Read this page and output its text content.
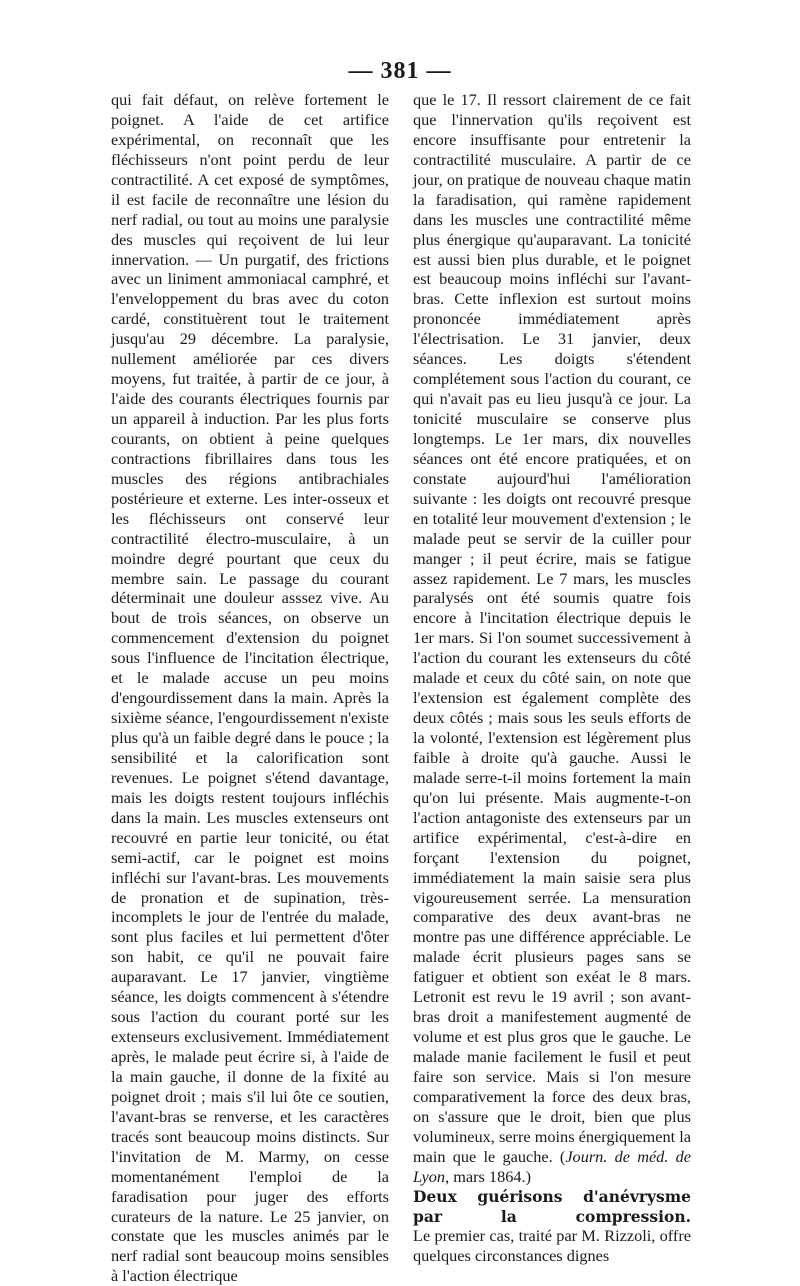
— 381 —

qui fait défaut, on relève fortement le poignet. A l'aide de cet artifice expérimental, on reconnaît que les fléchisseurs n'ont point perdu de leur contractilité. A cet exposé de symptômes, il est facile de reconnaître une lésion du nerf radial, ou tout au moins une paralysie des muscles qui reçoivent de lui leur innervation. — Un purgatif, des frictions avec un liniment ammoniacal camphré, et l'enveloppement du bras avec du coton cardé, constituèrent tout le traitement jusqu'au 29 décembre. La paralysie, nullement améliorée par ces divers moyens, fut traitée, à partir de ce jour, à l'aide des courants électriques fournis par un appareil à induction. Par les plus forts courants, on obtient à peine quelques contractions fibrillaires dans tous les muscles des régions antibrachiales postérieure et externe. Les inter-osseux et les fléchisseurs ont conservé leur contractilité électro-musculaire, à un moindre degré pourtant que ceux du membre sain. Le passage du courant déterminait une douleur asssez vive. Au bout de trois séances, on observe un commencement d'extension du poignet sous l'influence de l'incitation électrique, et le malade accuse un peu moins d'engourdissement dans la main. Après la sixième séance, l'engourdissement n'existe plus qu'à un faible degré dans le pouce ; la sensibilité et la calorification sont revenues. Le poignet s'étend davantage, mais les doigts restent toujours infléchis dans la main. Les muscles extenseurs ont recouvré en partie leur tonicité, ou état semi-actif, car le poignet est moins infléchi sur l'avant-bras. Les mouvements de pronation et de supination, très-incomplets le jour de l'entrée du malade, sont plus faciles et lui permettent d'ôter son habit, ce qu'il ne pouvait faire auparavant. Le 17 janvier, vingtième séance, les doigts commencent à s'étendre sous l'action du courant porté sur les extenseurs exclusivement. Immédiatement après, le malade peut écrire si, à l'aide de la main gauche, il donne de la fixité au poignet droit ; mais s'il lui ôte ce soutien, l'avant-bras se renverse, et les caractères tracés sont beaucoup moins distincts. Sur l'invitation de M. Marmy, on cesse momentanément l'emploi de la faradisation pour juger des efforts curateurs de la nature. Le 25 janvier, on constate que les muscles animés par le nerf radial sont beaucoup moins sensibles à l'action électrique

que le 17. Il ressort clairement de ce fait que l'innervation qu'ils reçoivent est encore insuffisante pour entretenir la contractilité musculaire. A partir de ce jour, on pratique de nouveau chaque matin la faradisation, qui ramène rapidement dans les muscles une contractilité même plus énergique qu'auparavant. La tonicité est aussi bien plus durable, et le poignet est beaucoup moins infléchi sur l'avant-bras. Cette inflexion est surtout moins prononcée immédiatement après l'électrisation. Le 31 janvier, deux séances. Les doigts s'étendent complétement sous l'action du courant, ce qui n'avait pas eu lieu jusqu'à ce jour. La tonicité musculaire se conserve plus longtemps. Le 1er mars, dix nouvelles séances ont été encore pratiquées, et on constate aujourd'hui l'amélioration suivante : les doigts ont recouvré presque en totalité leur mouvement d'extension ; le malade peut se servir de la cuiller pour manger ; il peut écrire, mais se fatigue assez rapidement. Le 7 mars, les muscles paralysés ont été soumis quatre fois encore à l'incitation électrique depuis le 1er mars. Si l'on soumet successivement à l'action du courant les extenseurs du côté malade et ceux du côté sain, on note que l'extension est également complète des deux côtés ; mais sous les seuls efforts de la volonté, l'extension est légèrement plus faible à droite qu'à gauche. Aussi le malade serre-t-il moins fortement la main qu'on lui présente. Mais augmente-t-on l'action antagoniste des extenseurs par un artifice expérimental, c'est-à-dire en forçant l'extension du poignet, immédiatement la main saisie sera plus vigoureusement serrée. La mensuration comparative des deux avant-bras ne montre pas une différence appréciable. Le malade écrit plusieurs pages sans se fatiguer et obtient son exéat le 8 mars. Letronit est revu le 19 avril ; son avant-bras droit a manifestement augmenté de volume et est plus gros que le gauche. Le malade manie facilement le fusil et peut faire son service. Mais si l'on mesure comparativement la force des deux bras, on s'assure que le droit, bien que plus volumineux, serre moins énergiquement la main que le gauche. (Journ. de méd. de Lyon, mars 1864.)

Deux guérisons d'anévrysme par la compression.

Le premier cas, traité par M. Rizzoli, offre quelques circonstances dignes
